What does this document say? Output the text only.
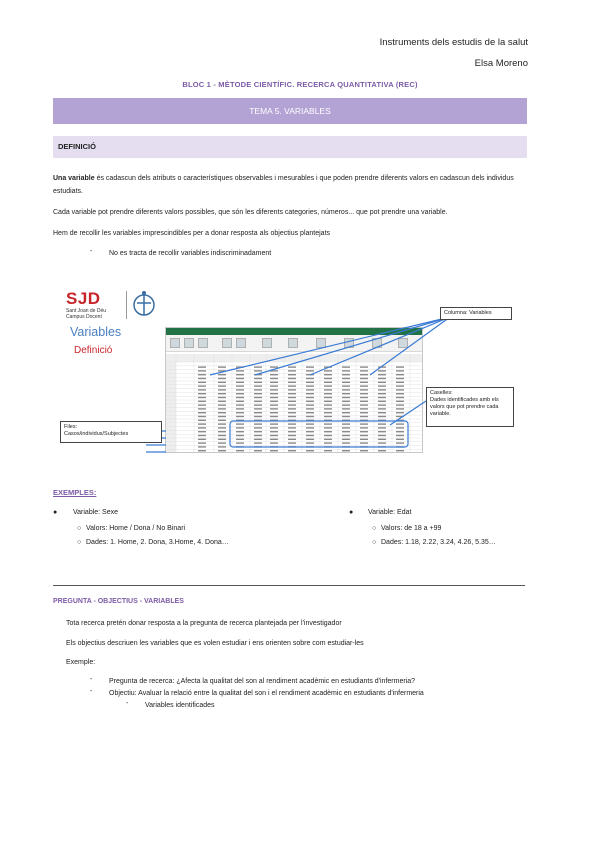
Instruments dels estudis de la salut
Elsa Moreno
BLOC 1 - MÈTODE CIENTÍFIC. RECERCA QUANTITATIVA (REC)
TEMA 5. VARIABLES
DEFINICIÓ
Una variable és cadascun dels atributs o característiques observables i mesurables i que poden prendre diferents valors en cadascun dels individus estudiats.
Cada variable pot prendre diferents valors possibles, que són les diferents categories, números... que pot prendre una variable.
Hem de recollir les variables imprescindibles per a donar resposta als objectius plantejats
- No es tracta de recollir variables indiscriminadament
SJD
Sant Joan de Déu
Campus Docent
Variables
Definició
Columna: Variables
Caselles:
Dades identificades amb els valors que pot prendre cada variable.
Files:
Casos/individus/Subjectes
EXEMPLES:
● Variable: Sexe
○ Valors: Home / Dona / No Binari
○ Dades: 1. Home, 2. Dona, 3.Home, 4. Dona…
● Variable: Edat
○ Valors: de 18 a +99
○ Dades: 1.18, 2.22, 3.24, 4.26, 5.35…
PREGUNTA - OBJECTIUS - VARIABLES
Tota recerca pretén donar resposta a la pregunta de recerca plantejada per l'investigador
Els objectius descriuen les variables que es volen estudiar i ens orienten sobre com estudiar-les
Exemple:
- Pregunta de recerca: ¿Afecta la qualitat del son al rendiment acadèmic en estudiants d'infermeria?
- Objectiu: Avaluar la relació entre la qualitat del son i el rendiment acadèmic en estudiants d'infermeria
- Variables identificades
